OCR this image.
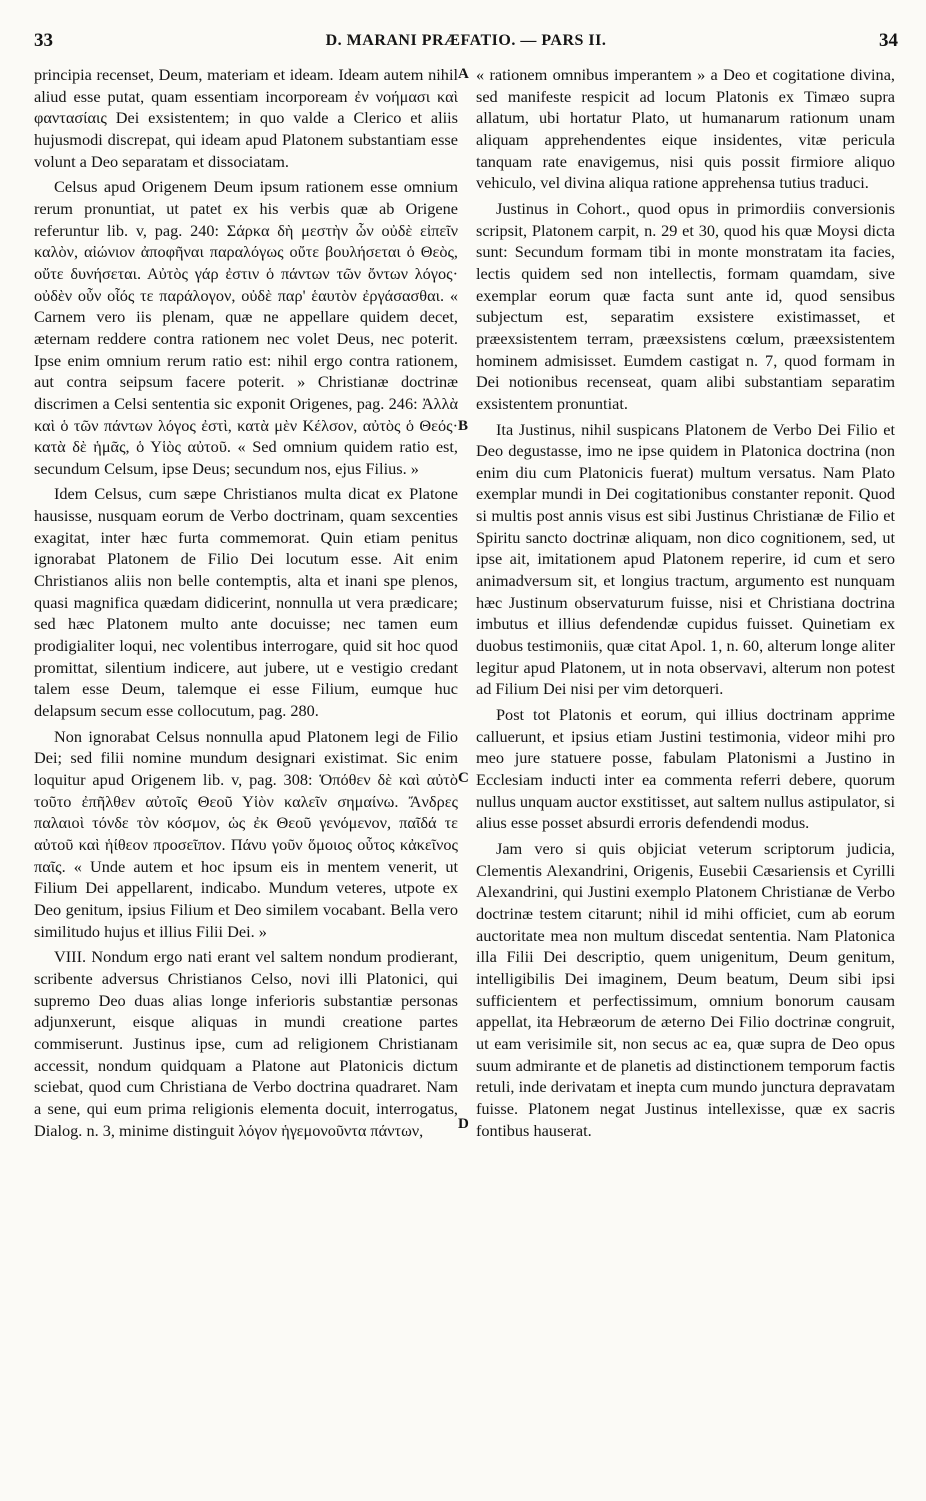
33	D. MARANI PRÆFATIO. — PARS II.	34

principia recenset, Deum, materiam et ideam. Ideam autem nihil aliud esse putat, quam essentiam incorpoream ἐν νοήμασι καὶ φαντασίαις Dei exsistentem; in quo valde a Clerico et aliis hujusmodi discrepat, qui ideam apud Platonem substantiam esse volunt a Deo separatam et dissociatam.

Celsus apud Origenem Deum ipsum rationem esse omnium rerum pronuntiat, ut patet ex his verbis quæ ab Origene referuntur lib. v, pag. 240: Σάρκα δὴ μεστὴν ὧν οὐδὲ εἰπεῖν καλὸν, αἰώνιον ἀποφῆναι παραλόγως οὔτε βουλήσεται ὁ Θεὸς, οὔτε δυνήσεται. Αὐτὸς γάρ ἐστιν ὁ πάντων τῶν ὄντων λόγος· οὐδὲν οὖν οἷός τε παράλογον, οὐδὲ παρ' ἑαυτὸν ἐργάσασθαι. « Carnem vero iis plenam, quæ ne appellare quidem decet, æternam reddere contra rationem nec volet Deus, nec poterit. Ipse enim omnium rerum ratio est: nihil ergo contra rationem, aut contra seipsum facere poterit. » Christianæ doctrinæ discrimen a Celsi sententia sic exponit Origenes, pag. 246: Ἀλλὰ καὶ ὁ τῶν πάντων λόγος ἐστὶ, κατὰ μὲν Κέλσον, αὐτὸς ὁ Θεός· κατὰ δὲ ἡμᾶς, ὁ Υἱὸς αὐτοῦ. « Sed omnium quidem ratio est, secundum Celsum, ipse Deus; secundum nos, ejus Filius. »

Idem Celsus, cum sæpe Christianos multa dicat ex Platone hausisse, nusquam eorum de Verbo doctrinam, quam sexcenties exagitat, inter hæc furta commemorat. Quin etiam penitus ignorabat Platonem de Filio Dei locutum esse. Ait enim Christianos aliis non belle contemptis, alta et inani spe plenos, quasi magnifica quædam didicerint, nonnulla ut vera prædicare; sed hæc Platonem multo ante docuisse; nec tamen eum prodigialiter loqui, nec volentibus interrogare, quid sit hoc quod promittat, silentium indicere, aut jubere, ut e vestigio credant talem esse Deum, talemque ei esse Filium, eumque huc delapsum secum esse collocutum, pag. 280.

Non ignorabat Celsus nonnulla apud Platonem legi de Filio Dei; sed filii nomine mundum designari existimat. Sic enim loquitur apud Origenem lib. v, pag. 308: Ὁπόθεν δὲ καὶ αὐτὸ τοῦτο ἐπῆλθεν αὐτοῖς Θεοῦ Υἱὸν καλεῖν σημαίνω. Ἄνδρες παλαιοὶ τόνδε τὸν κόσμον, ὡς ἐκ Θεοῦ γενόμενον, παῖδά τε αὐτοῦ καὶ ἡίθεον προσεῖπον. Πάνυ γοῦν ὅμοιος οὗτος κἀκεῖνος παῖς. « Unde autem et hoc ipsum eis in mentem venerit, ut Filium Dei appellarent, indicabo. Mundum veteres, utpote ex Deo genitum, ipsius Filium et Deo similem vocabant. Bella vero similitudo hujus et illius Filii Dei. »

VIII. Nondum ergo nati erant vel saltem nondum prodierant, scribente adversus Christianos Celso, novi illi Platonici, qui supremo Deo duas alias longe inferioris substantiæ personas adjunxerunt, eisque aliquas in mundi creatione partes commiserunt. Justinus ipse, cum ad religionem Christianam accessit, nondum quidquam a Platone aut Platonicis dictum sciebat, quod cum Christiana de Verbo doctrina quadraret. Nam a sene, qui eum prima religionis elementa docuit, interrogatus, Dialog. n. 3, minime distinguit λόγον ἡγεμονοῦντα πάντων,

A
B
C
D

« rationem omnibus imperantem » a Deo et cogitatione divina, sed manifeste respicit ad locum Platonis ex Timæo supra allatum, ubi hortatur Plato, ut humanarum rationum unam aliquam apprehendentes eique insidentes, vitæ pericula tanquam rate enavigemus, nisi quis possit firmiore aliquo vehiculo, vel divina aliqua ratione apprehensa tutius traduci.

Justinus in Cohort., quod opus in primordiis conversionis scripsit, Platonem carpit, n. 29 et 30, quod his quæ Moysi dicta sunt: Secundum formam tibi in monte monstratam ita facies, lectis quidem sed non intellectis, formam quamdam, sive exemplar eorum quæ facta sunt ante id, quod sensibus subjectum est, separatim exsistere existimasset, et præexsistentem terram, præexsistens cœlum, præexsistentem hominem admisisset. Eumdem castigat n. 7, quod formam in Dei notionibus recenseat, quam alibi substantiam separatim exsistentem pronuntiat.

Ita Justinus, nihil suspicans Platonem de Verbo Dei Filio et Deo degustasse, imo ne ipse quidem in Platonica doctrina (non enim diu cum Platonicis fuerat) multum versatus. Nam Plato exemplar mundi in Dei cogitationibus constanter reponit. Quod si multis post annis visus est sibi Justinus Christianæ de Filio et Spiritu sancto doctrinæ aliquam, non dico cognitionem, sed, ut ipse ait, imitationem apud Platonem reperire, id cum et sero animadversum sit, et longius tractum, argumento est nunquam hæc Justinum observaturum fuisse, nisi et Christiana doctrina imbutus et illius defendendæ cupidus fuisset. Quinetiam ex duobus testimoniis, quæ citat Apol. 1, n. 60, alterum longe aliter legitur apud Platonem, ut in nota observavi, alterum non potest ad Filium Dei nisi per vim detorqueri.

Post tot Platonis et eorum, qui illius doctrinam apprime calluerunt, et ipsius etiam Justini testimonia, videor mihi pro meo jure statuere posse, fabulam Platonismi a Justino in Ecclesiam inducti inter ea commenta referri debere, quorum nullus unquam auctor exstitisset, aut saltem nullus astipulator, si alius esse posset absurdi erroris defendendi modus.

Jam vero si quis objiciat veterum scriptorum judicia, Clementis Alexandrini, Origenis, Eusebii Cæsariensis et Cyrilli Alexandrini, qui Justini exemplo Platonem Christianæ de Verbo doctrinæ testem citarunt; nihil id mihi officiet, cum ab eorum auctoritate mea non multum discedat sententia. Nam Platonica illa Filii Dei descriptio, quem unigenitum, Deum genitum, intelligibilis Dei imaginem, Deum beatum, Deum sibi ipsi sufficientem et perfectissimum, omnium bonorum causam appellat, ita Hebræorum de æterno Dei Filio doctrinæ congruit, ut eam verisimile sit, non secus ac ea, quæ supra de Deo opus suum admirante et de planetis ad distinctionem temporum factis retuli, inde derivatam et inepta cum mundo junctura depravatam fuisse. Platonem negat Justinus intellexisse, quæ ex sacris fontibus hauserat.
